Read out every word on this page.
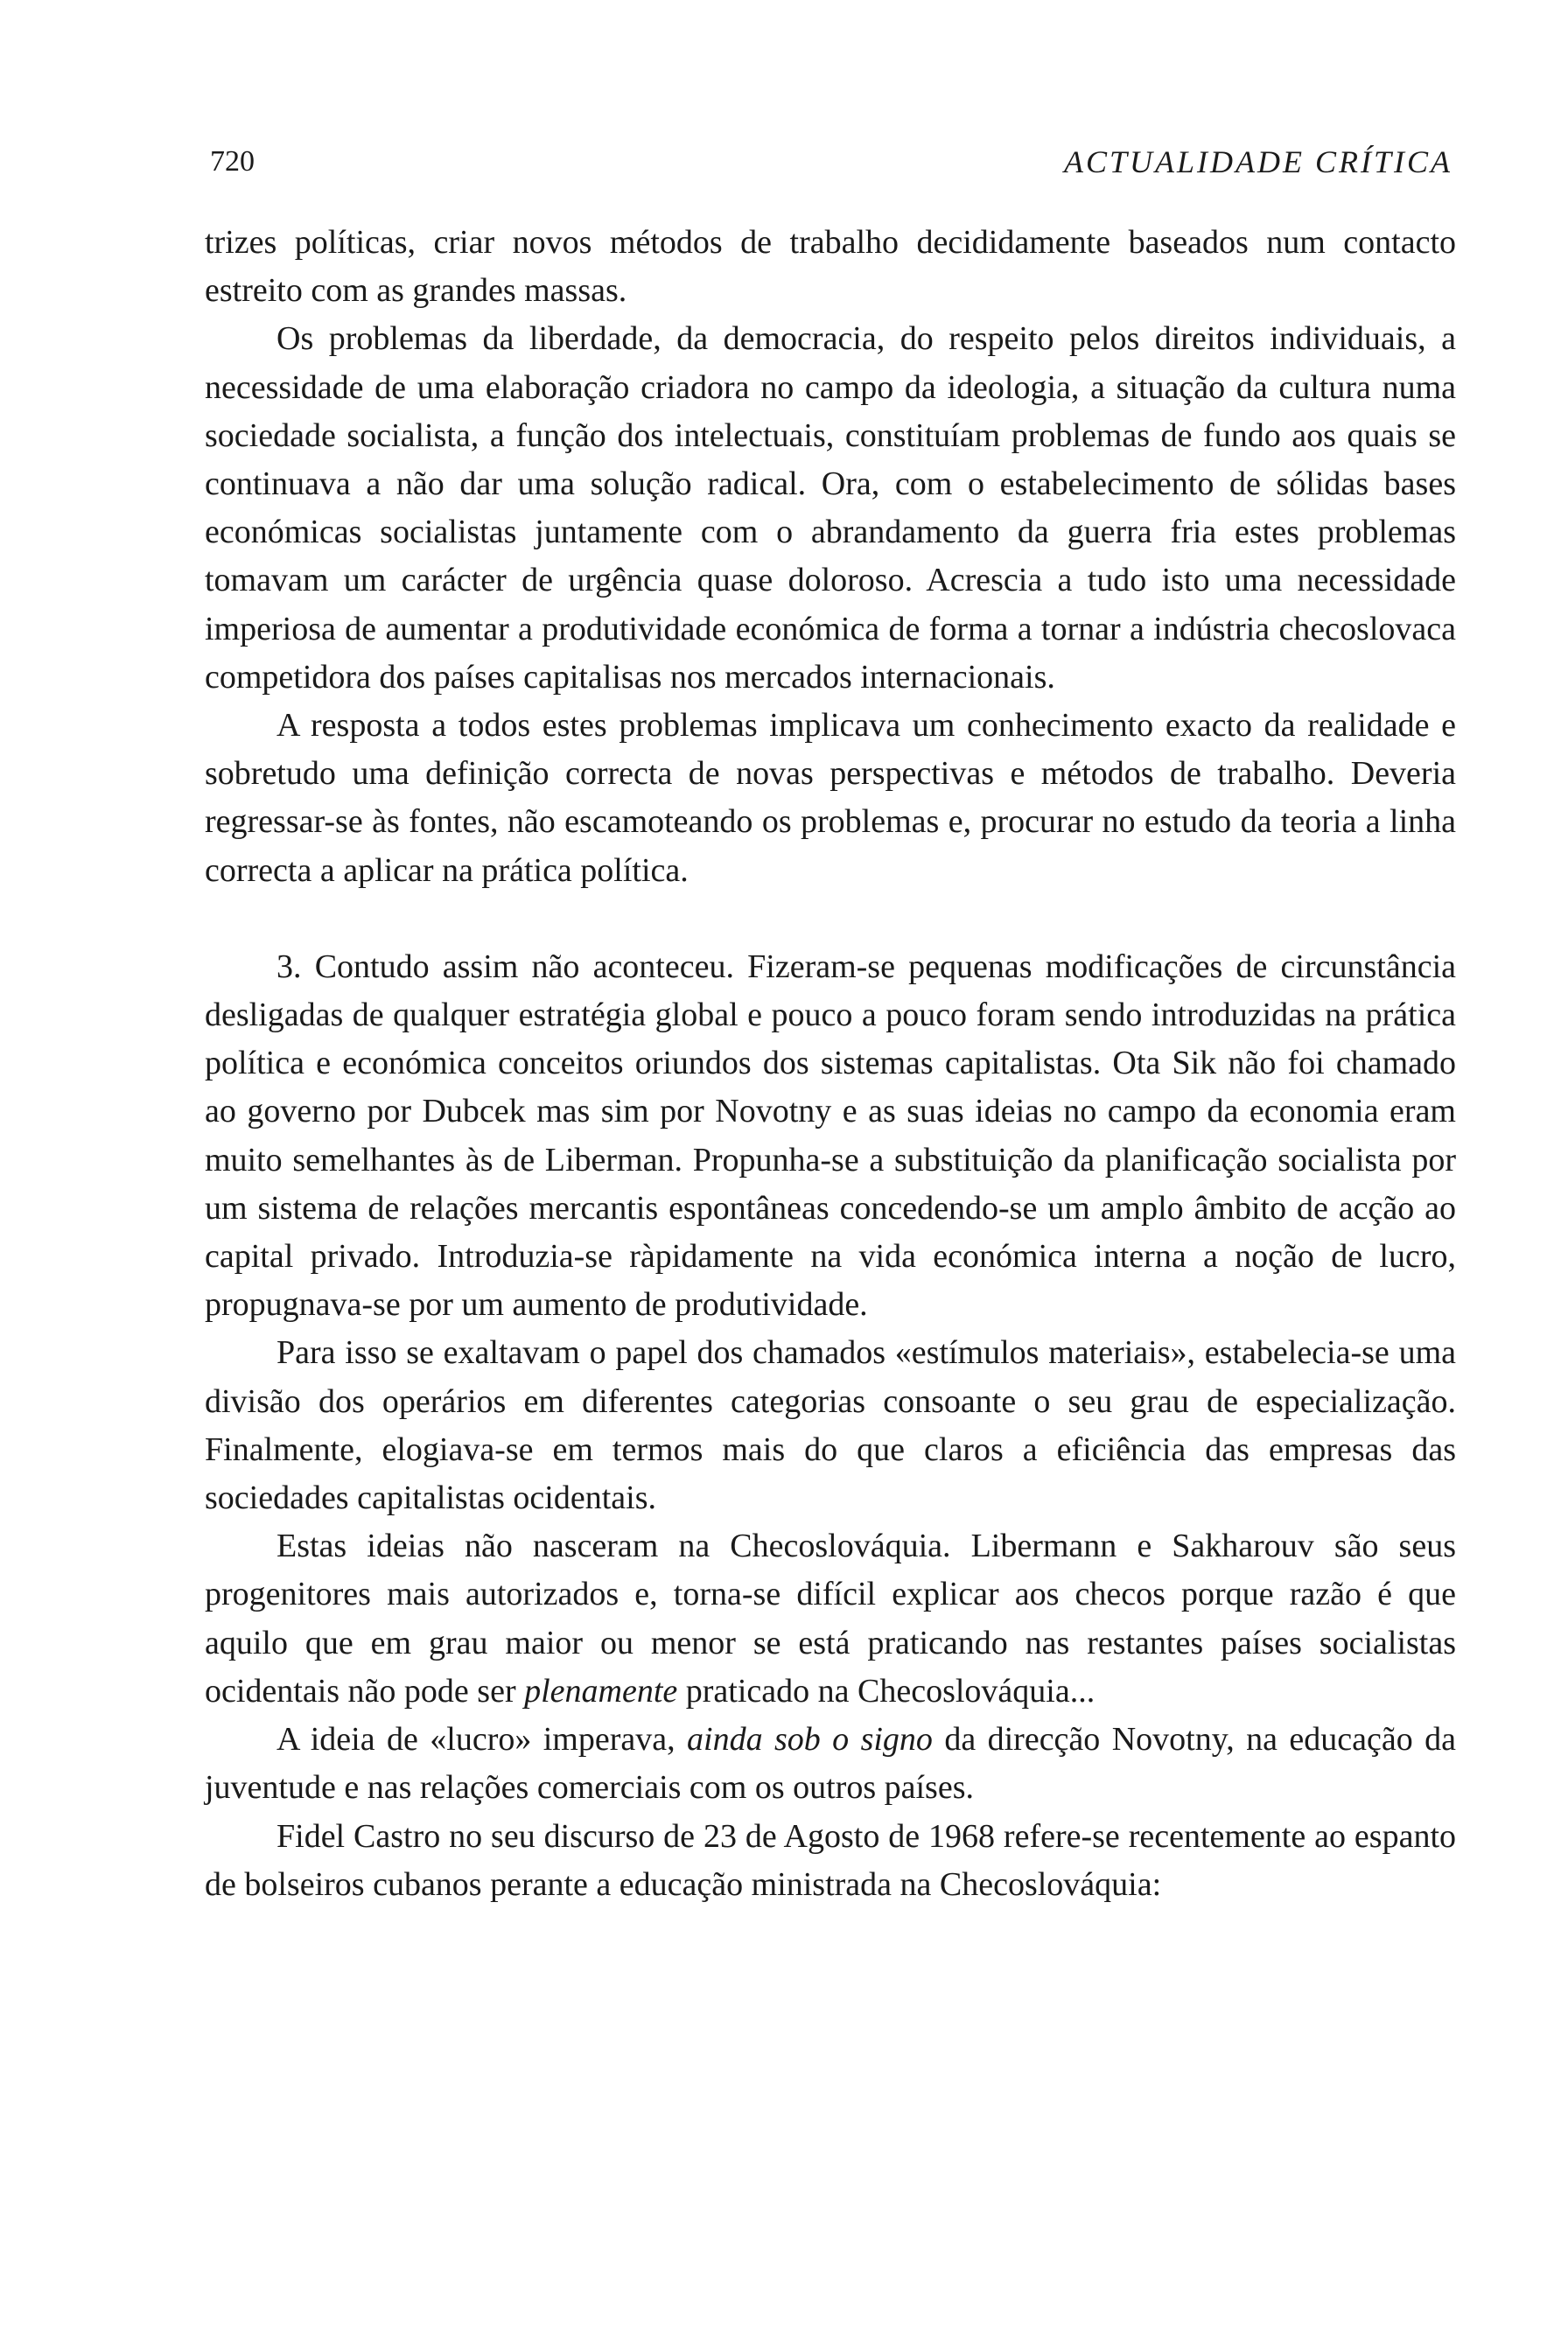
720	ACTUALIDADE CRÍTICA

trizes políticas, criar novos métodos de trabalho decididamente baseados num contacto estreito com as grandes massas.

Os problemas da liberdade, da democracia, do respeito pelos direitos individuais, a necessidade de uma elaboração criadora no campo da ideologia, a situação da cultura numa sociedade socialista, a função dos intelectuais, constituíam problemas de fundo aos quais se continuava a não dar uma solução radical. Ora, com o estabelecimento de sólidas bases económicas socialistas juntamente com o abrandamento da guerra fria estes problemas tomavam um carácter de urgência quase doloroso. Acrescia a tudo isto uma necessidade imperiosa de aumentar a produtividade económica de forma a tornar a indústria checoslovaca competidora dos países capitalisas nos mercados internacionais.

A resposta a todos estes problemas implicava um conhecimento exacto da realidade e sobretudo uma definição correcta de novas perspectivas e métodos de trabalho. Deveria regressar-se às fontes, não escamoteando os problemas e, procurar no estudo da teoria a linha correcta a aplicar na prática política.

3. Contudo assim não aconteceu. Fizeram-se pequenas modificações de circunstância desligadas de qualquer estratégia global e pouco a pouco foram sendo introduzidas na prática política e económica conceitos oriundos dos sistemas capitalistas. Ota Sik não foi chamado ao governo por Dubcek mas sim por Novotny e as suas ideias no campo da economia eram muito semelhantes às de Liberman. Propunha-se a substituição da planificação socialista por um sistema de relações mercantis espontâneas concedendo-se um amplo âmbito de acção ao capital privado. Introduzia-se ràpidamente na vida económica interna a noção de lucro, propugnava-se por um aumento de produtividade.

Para isso se exaltavam o papel dos chamados «estímulos materiais», estabelecia-se uma divisão dos operários em diferentes categorias consoante o seu grau de especialização. Finalmente, elogiava-se em termos mais do que claros a eficiência das empresas das sociedades capitalistas ocidentais.

Estas ideias não nasceram na Checoslováquia. Libermann e Sakharouv são seus progenitores mais autorizados e, torna-se difícil explicar aos checos porque razão é que aquilo que em grau maior ou menor se está praticando nas restantes países socialistas ocidentais não pode ser plenamente praticado na Checoslováquia...

A ideia de «lucro» imperava, ainda sob o signo da direcção Novotny, na educação da juventude e nas relações comerciais com os outros países.

Fidel Castro no seu discurso de 23 de Agosto de 1968 refere-se recentemente ao espanto de bolseiros cubanos perante a educação ministrada na Checoslováquia:
